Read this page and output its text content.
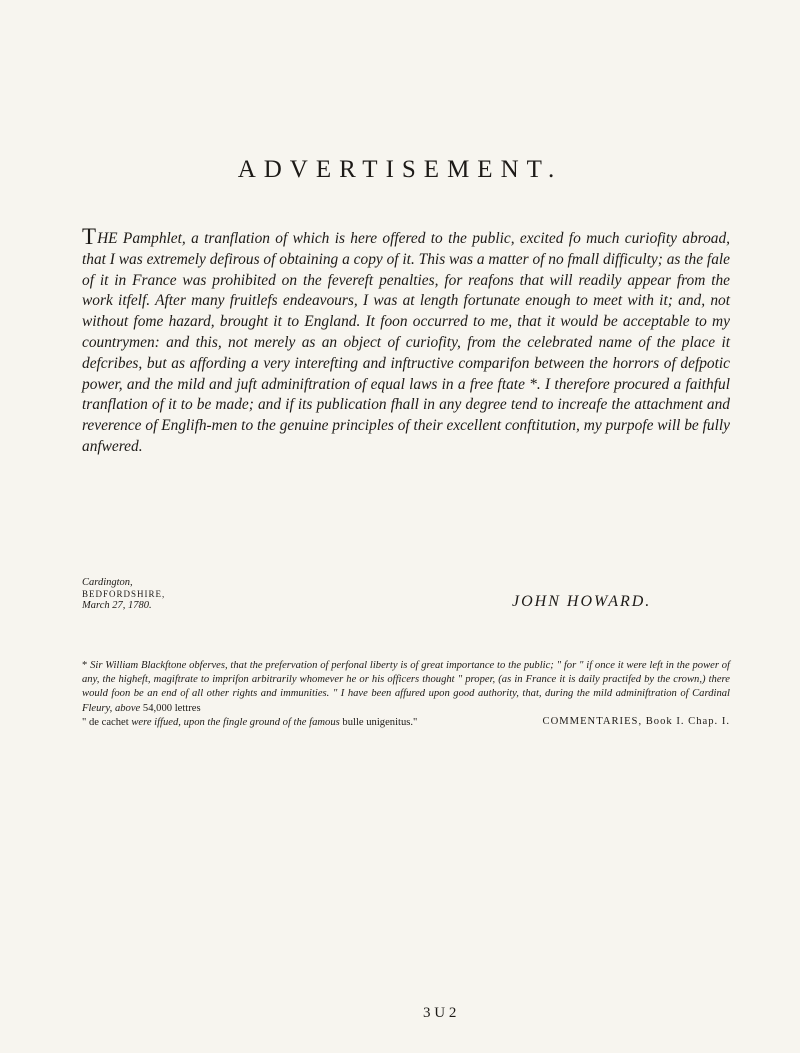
ADVERTISEMENT.
THE Pamphlet, a tranflation of which is here offered to the public, excited fo much curiofity abroad, that I was extremely defirous of obtaining a copy of it. This was a matter of no fmall difficulty; as the fale of it in France was prohibited on the fevereft penalties, for reafons that will readily appear from the work itfelf. After many fruitlefs endeavours, I was at length fortunate enough to meet with it; and, not without fome hazard, brought it to England. It foon occurred to me, that it would be acceptable to my countrymen: and this, not merely as an object of curiofity, from the celebrated name of the place it defcribes, but as affording a very interefting and inftructive comparifon between the horrors of defpotic power, and the mild and juft adminiftration of equal laws in a free ftate *. I therefore procured a faithful tranflation of it to be made; and if its publication fhall in any degree tend to increafe the attachment and reverence of Englifh-men to the genuine principles of their excellent conftitution, my purpofe will be fully anfwered.
Cardington,
BEDFORDSHIRE,
March 27, 1780.	JOHN HOWARD.
* Sir William Blackftone obferves, that the prefervation of perfonal liberty is of great importance to the public; " for " if once it were left in the power of any, the higheft, magiftrate to imprifon arbitrarily whomever he or his officers thought " proper, (as in France it is daily practifed by the crown,) there would foon be an end of all other rights and immunities. " I have been affured upon good authority, that, during the mild adminiftration of Cardinal Fleury, above 54,000 lettres
" de cachet were iffued, upon the fingle ground of the famous bulle unigenitus."	COMMENTARIES, Book I. Chap. I.
3 U 2
